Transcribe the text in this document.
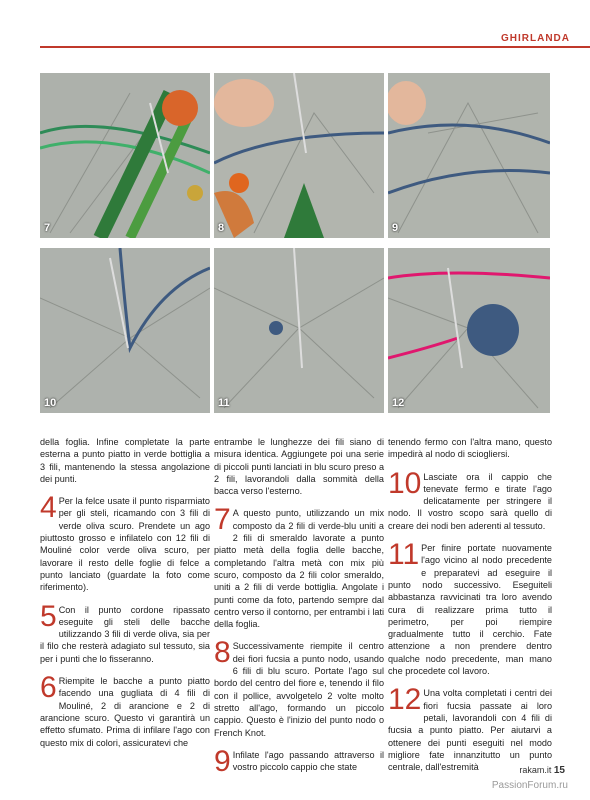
GHIRLANDA
7	8	9
10	11	12

della foglia. Infine completate la parte esterna a punto piatto in verde bottiglia a 3 fili, mantenendo la stessa angolazione dei punti.

4 Per la felce usate il punto risparmiato per gli steli, ricamando con 3 fili di verde oliva scuro. Prendete un ago piuttosto grosso e infilatelo con 12 fili di Mouliné color verde oliva scuro, per lavorare il resto delle foglie di felce a punto lanciato (guardate la foto come riferimento).

5 Con il punto cordone ripassato eseguite gli steli delle bacche utilizzando 3 fili di verde oliva, sia per il filo che resterà adagiato sul tessuto, sia per i punti che lo fisseranno.

6 Riempite le bacche a punto piatto facendo una gugliata di 4 fili di Mouliné, 2 di arancione e 2 di arancione scuro. Questo vi garantirà un effetto sfumato. Prima di infilare l'ago con questo mix di colori, assicuratevi che

entrambe le lunghezze dei fili siano di misura identica. Aggiungete poi una serie di piccoli punti lanciati in blu scuro preso a 2 fili, lavorandoli dalla sommità della bacca verso l'esterno.

7 A questo punto, utilizzando un mix composto da 2 fili di verde-blu uniti a 2 fili di smeraldo lavorate a punto piatto metà della foglia delle bacche, completando l'altra metà con mix più scuro, composto da 2 fili color smeraldo, uniti a 2 fili di verde bottiglia. Angolate i punti come da foto, partendo sempre dal centro verso il contorno, per entrambi i lati della foglia.

8 Successivamente riempite il centro dei fiori fucsia a punto nodo, usando 6 fili di blu scuro. Portate l'ago sul bordo del centro del fiore e, tenendo il filo con il pollice, avvolgetelo 2 volte molto stretto all'ago, formando un piccolo cappio. Questo è l'inizio del punto nodo o French Knot.

9 Infilate l'ago passando attraverso il vostro piccolo cappio che state

tenendo fermo con l'altra mano, questo impedirà al nodo di sciogliersi.

10 Lasciate ora il cappio che tenevate fermo e tirate l'ago delicatamente per stringere il nodo. Il vostro scopo sarà quello di creare dei nodi ben aderenti al tessuto.

11 Per finire portate nuovamente l'ago vicino al nodo precedente e preparatevi ad eseguire il punto nodo successivo. Eseguiteli abbastanza ravvicinati tra loro avendo cura di realizzare prima tutto il perimetro, per poi riempire gradualmente tutto il cerchio. Fate attenzione a non prendere dentro qualche nodo precedente, man mano che procedete col lavoro.

12 Una volta completati i centri dei fiori fucsia passate ai loro petali, lavorandoli con 4 fili di fucsia a punto piatto. Per aiutarvi a ottenere dei punti eseguiti nel modo migliore fate innanzitutto un punto centrale, dall'estremità	rakam.it 15
PassionForum.ru
